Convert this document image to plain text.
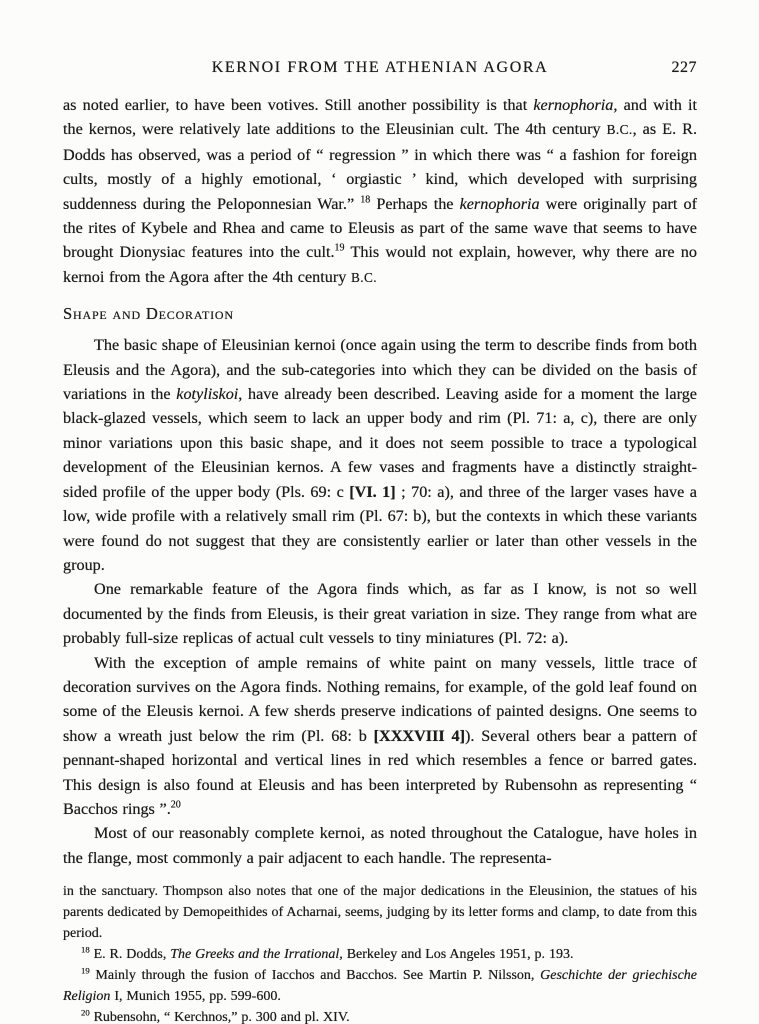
KERNOI FROM THE ATHENIAN AGORA	227

as noted earlier, to have been votives. Still another possibility is that kernophoria, and with it the kernos, were relatively late additions to the Eleusinian cult. The 4th century B.C., as E. R. Dodds has observed, was a period of “ regression ” in which there was “ a fashion for foreign cults, mostly of a highly emotional, ‘ orgiastic ’ kind, which developed with surprising suddenness during the Peloponnesian War.” $^{18}$ Perhaps the kernophoria were originally part of the rites of Kybele and Rhea and came to Eleusis as part of the same wave that seems to have brought Dionysiac features into the cult.$^{19}$ This would not explain, however, why there are no kernoi from the Agora after the 4th century B.C.

Shape and Decoration

The basic shape of Eleusinian kernoi (once again using the term to describe finds from both Eleusis and the Agora), and the sub-categories into which they can be divided on the basis of variations in the kotyliskoi, have already been described. Leaving aside for a moment the large black-glazed vessels, which seem to lack an upper body and rim (Pl. 71: a, c), there are only minor variations upon this basic shape, and it does not seem possible to trace a typological development of the Eleusinian kernos. A few vases and fragments have a distinctly straight-sided profile of the upper body (Pls. 69: c [VI. 1] ; 70: a), and three of the larger vases have a low, wide profile with a relatively small rim (Pl. 67: b), but the contexts in which these variants were found do not suggest that they are consistently earlier or later than other vessels in the group.

One remarkable feature of the Agora finds which, as far as I know, is not so well documented by the finds from Eleusis, is their great variation in size. They range from what are probably full-size replicas of actual cult vessels to tiny miniatures (Pl. 72: a).

With the exception of ample remains of white paint on many vessels, little trace of decoration survives on the Agora finds. Nothing remains, for example, of the gold leaf found on some of the Eleusis kernoi. A few sherds preserve indications of painted designs. One seems to show a wreath just below the rim (Pl. 68: b [XXXVIII 4]). Several others bear a pattern of pennant-shaped horizontal and vertical lines in red which resembles a fence or barred gates. This design is also found at Eleusis and has been interpreted by Rubensohn as representing “ Bacchos rings ”.$^{20}$

Most of our reasonably complete kernoi, as noted throughout the Catalogue, have holes in the flange, most commonly a pair adjacent to each handle. The representa-

in the sanctuary. Thompson also notes that one of the major dedications in the Eleusinion, the statues of his parents dedicated by Demopeithides of Acharnai, seems, judging by its letter forms and clamp, to date from this period.

$^{18}$ E. R. Dodds, The Greeks and the Irrational, Berkeley and Los Angeles 1951, p. 193.

$^{19}$ Mainly through the fusion of Iacchos and Bacchos. See Martin P. Nilsson, Geschichte der griechische Religion I, Munich 1955, pp. 599-600.

$^{20}$ Rubensohn, “ Kerchnos,” p. 300 and pl. XIV.
